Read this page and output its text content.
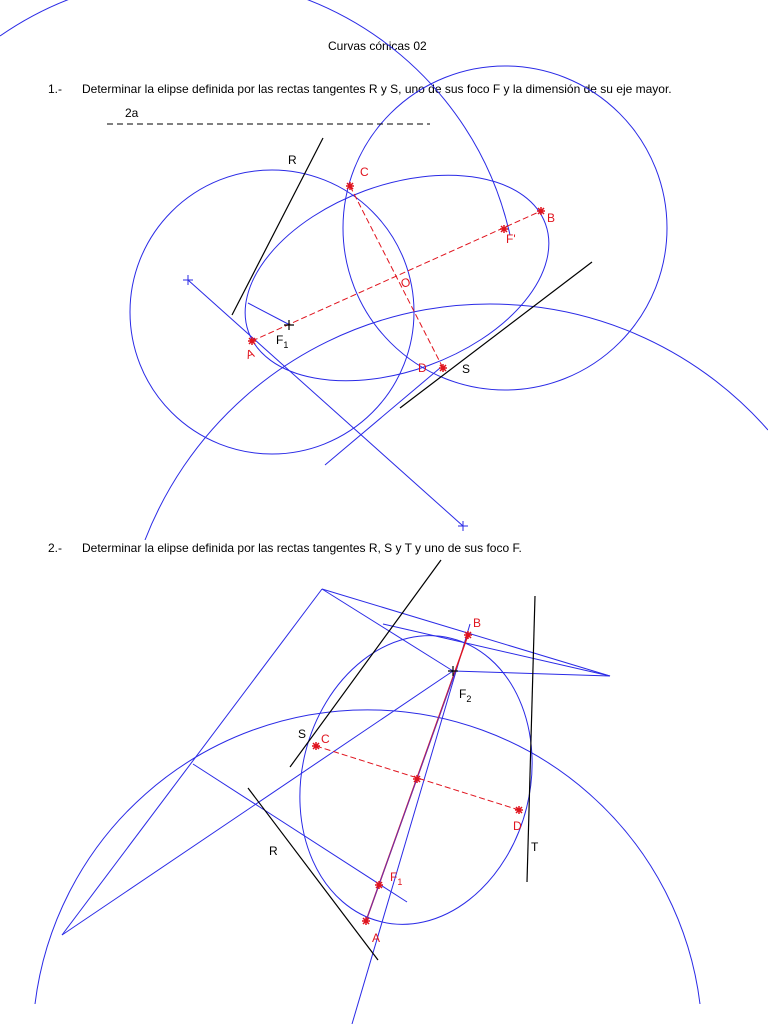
Curvas cónicas 02
1.- Determinar la elipse definida por las rectas tangentes R y S, uno de sus foco F y la dimensión de su eje mayor.
2.- Determinar la elipse definida por las rectas tangentes R, S y T y uno de sus foco F.
2a
R
S
C
B
F'
O
A
D
$F_1$
B
$F_2$
S C
R
D
T
$F_1$
A
